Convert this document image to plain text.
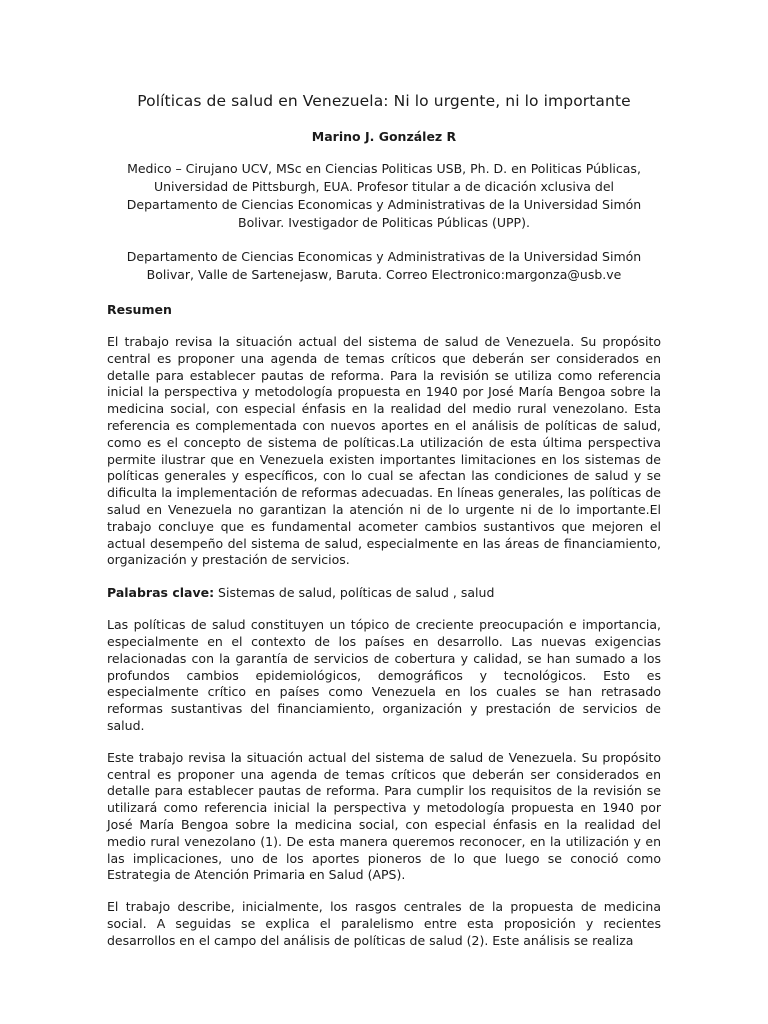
Políticas de salud en Venezuela: Ni lo urgente, ni lo importante
Marino J. González R
Medico – Cirujano UCV, MSc en Ciencias Politicas USB, Ph. D. en Politicas Públicas, Universidad de Pittsburgh, EUA. Profesor titular a de dicación xclusiva del Departamento de Ciencias Economicas y Administrativas de la Universidad Simón Bolivar. Ivestigador de Politicas Públicas (UPP).
Departamento de Ciencias Economicas y Administrativas de la Universidad Simón Bolivar, Valle de Sartenejasw, Baruta. Correo Electronico:margonza@usb.ve
Resumen
El trabajo revisa la situación actual del sistema de salud de Venezuela. Su propósito central es proponer una agenda de temas críticos que deberán ser considerados en detalle para establecer pautas de reforma. Para la revisión se utiliza como referencia inicial la perspectiva y metodología propuesta en 1940 por José María Bengoa sobre la medicina social, con especial énfasis en la realidad del medio rural venezolano. Esta referencia es complementada con nuevos aportes en el análisis de políticas de salud, como es el concepto de sistema de políticas.La utilización de esta última perspectiva permite ilustrar que en Venezuela existen importantes limitaciones en los sistemas de políticas generales y específicos, con lo cual se afectan las condiciones de salud y se dificulta la implementación de reformas adecuadas. En líneas generales, las políticas de salud en Venezuela no garantizan la atención ni de lo urgente ni de lo importante.El trabajo concluye que es fundamental acometer cambios sustantivos que mejoren el actual desempeño del sistema de salud, especialmente en las áreas de financiamiento, organización y prestación de servicios.
Palabras clave: Sistemas de salud, políticas de salud , salud
Las políticas de salud constituyen un tópico de creciente preocupación e importancia, especialmente en el contexto de los países en desarrollo. Las nuevas exigencias relacionadas con la garantía de servicios de cobertura y calidad, se han sumado a los profundos cambios epidemiológicos, demográficos y tecnológicos. Esto es especialmente crítico en países como Venezuela en los cuales se han retrasado reformas sustantivas del financiamiento, organización y prestación de servicios de salud.
Este trabajo revisa la situación actual del sistema de salud de Venezuela. Su propósito central es proponer una agenda de temas críticos que deberán ser considerados en detalle para establecer pautas de reforma. Para cumplir los requisitos de la revisión se utilizará como referencia inicial la perspectiva y metodología propuesta en 1940 por José María Bengoa sobre la medicina social, con especial énfasis en la realidad del medio rural venezolano (1). De esta manera queremos reconocer, en la utilización y en las implicaciones, uno de los aportes pioneros de lo que luego se conoció como Estrategia de Atención Primaria en Salud (APS).
El trabajo describe, inicialmente, los rasgos centrales de la propuesta de medicina social. A seguidas se explica el paralelismo entre esta proposición y recientes desarrollos en el campo del análisis de políticas de salud (2). Este análisis se realiza
